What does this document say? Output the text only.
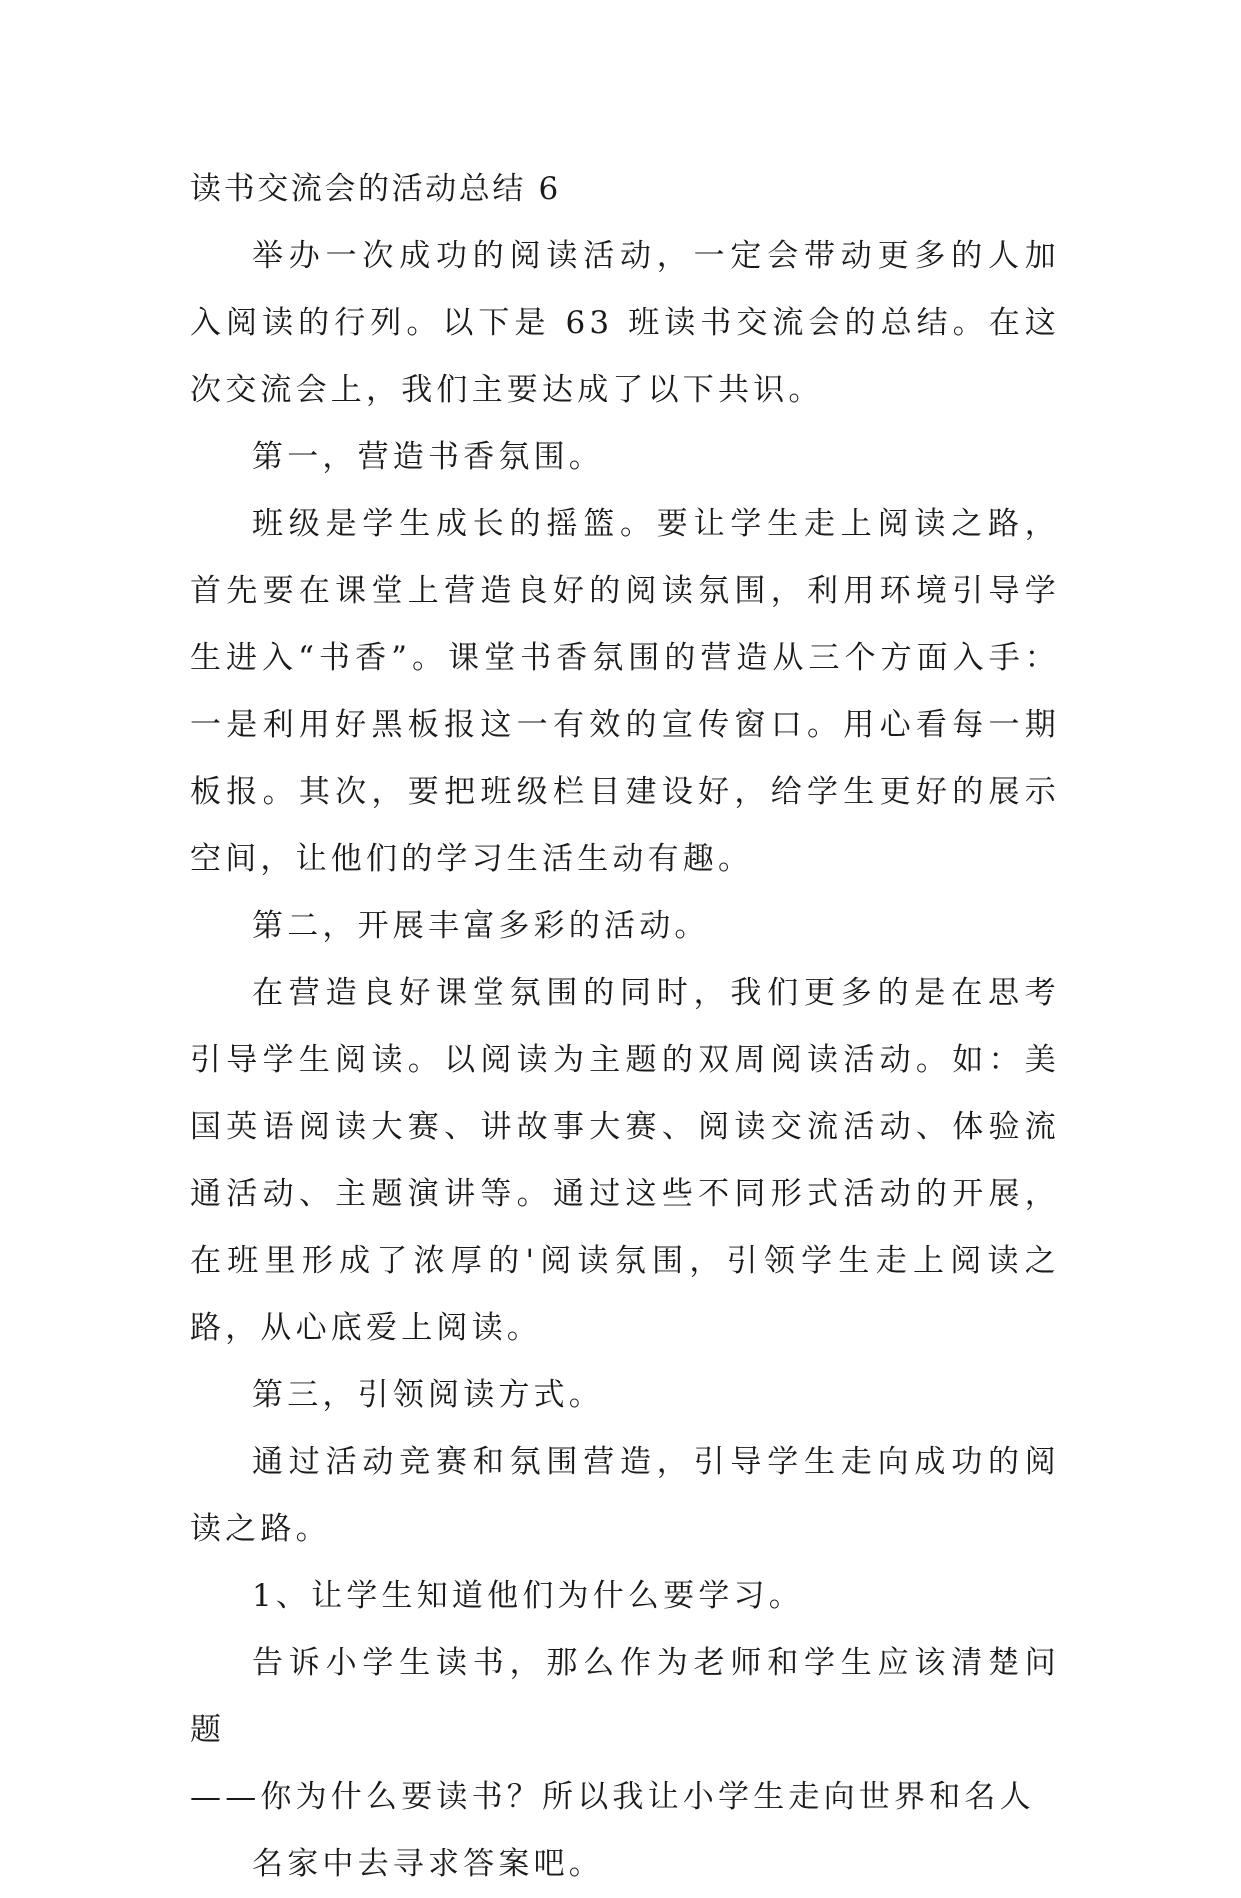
读书交流会的活动总结 6

举办一次成功的阅读活动，一定会带动更多的人加入阅读的行列。以下是 63 班读书交流会的总结。在这次交流会上，我们主要达成了以下共识。

第一，营造书香氛围。

班级是学生成长的摇篮。要让学生走上阅读之路，首先要在课堂上营造良好的阅读氛围，利用环境引导学生进入“书香”。课堂书香氛围的营造从三个方面入手：一是利用好黑板报这一有效的宣传窗口。用心看每一期板报。其次，要把班级栏目建设好，给学生更好的展示空间，让他们的学习生活生动有趣。

第二，开展丰富多彩的活动。

在营造良好课堂氛围的同时，我们更多的是在思考引导学生阅读。以阅读为主题的双周阅读活动。如：美国英语阅读大赛、讲故事大赛、阅读交流活动、体验流通活动、主题演讲等。通过这些不同形式活动的开展，在班里形成了浓厚的'阅读氛围，引领学生走上阅读之路，从心底爱上阅读。

第三，引领阅读方式。

通过活动竞赛和氛围营造，引导学生走向成功的阅读之路。

1、让学生知道他们为什么要学习。

告诉小学生读书，那么作为老师和学生应该清楚问题

——你为什么要读书？所以我让小学生走向世界和名人

名家中去寻求答案吧。
